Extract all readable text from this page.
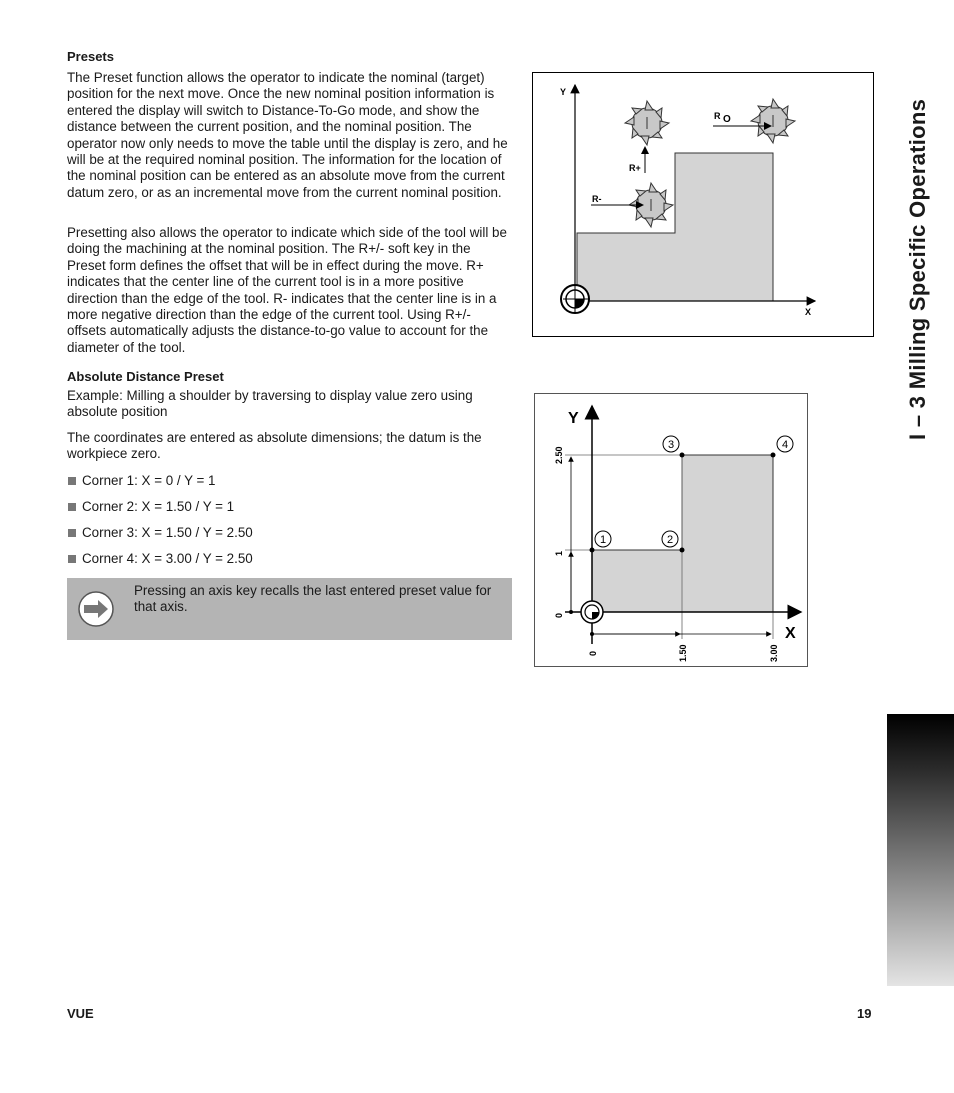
Presets

The Preset function allows the operator to indicate the nominal (target) position for the next move. Once the new nominal position information is entered the display will switch to Distance-To-Go mode, and show the distance between the current position, and the nominal position. The operator now only needs to move the table until the display is zero, and he will be at the required nominal position. The information for the location of the nominal position can be entered as an absolute move from the current datum zero, or as an incremental move from the current nominal position.

Presetting also allows the operator to indicate which side of the tool will be doing the machining at the nominal position. The R+/- soft key in the Preset form defines the offset that will be in effect during the move. R+ indicates that the center line of the current tool is in a more positive direction than the edge of the tool. R- indicates that the center line is in a more negative direction than the edge of the current tool. Using R+/- offsets automatically adjusts the distance-to-go value to account for the diameter of the tool.

Absolute Distance Preset

Example: Milling a shoulder by traversing to display value zero using absolute position

The coordinates are entered as absolute dimensions; the datum is the workpiece zero.

Corner 1: X = 0 / Y = 1
Corner 2: X = 1.50 / Y = 1
Corner 3: X = 1.50 / Y = 2.50
Corner 4: X = 3.00 / Y = 2.50
Pressing an axis key recalls the last entered preset value for that axis.
Y
X
R+
R-
R O
Y
X
2.50
1
0
0	1.50	3.00
1	2
3	4
I – 3 Milling Specific Operations
VUE	19
